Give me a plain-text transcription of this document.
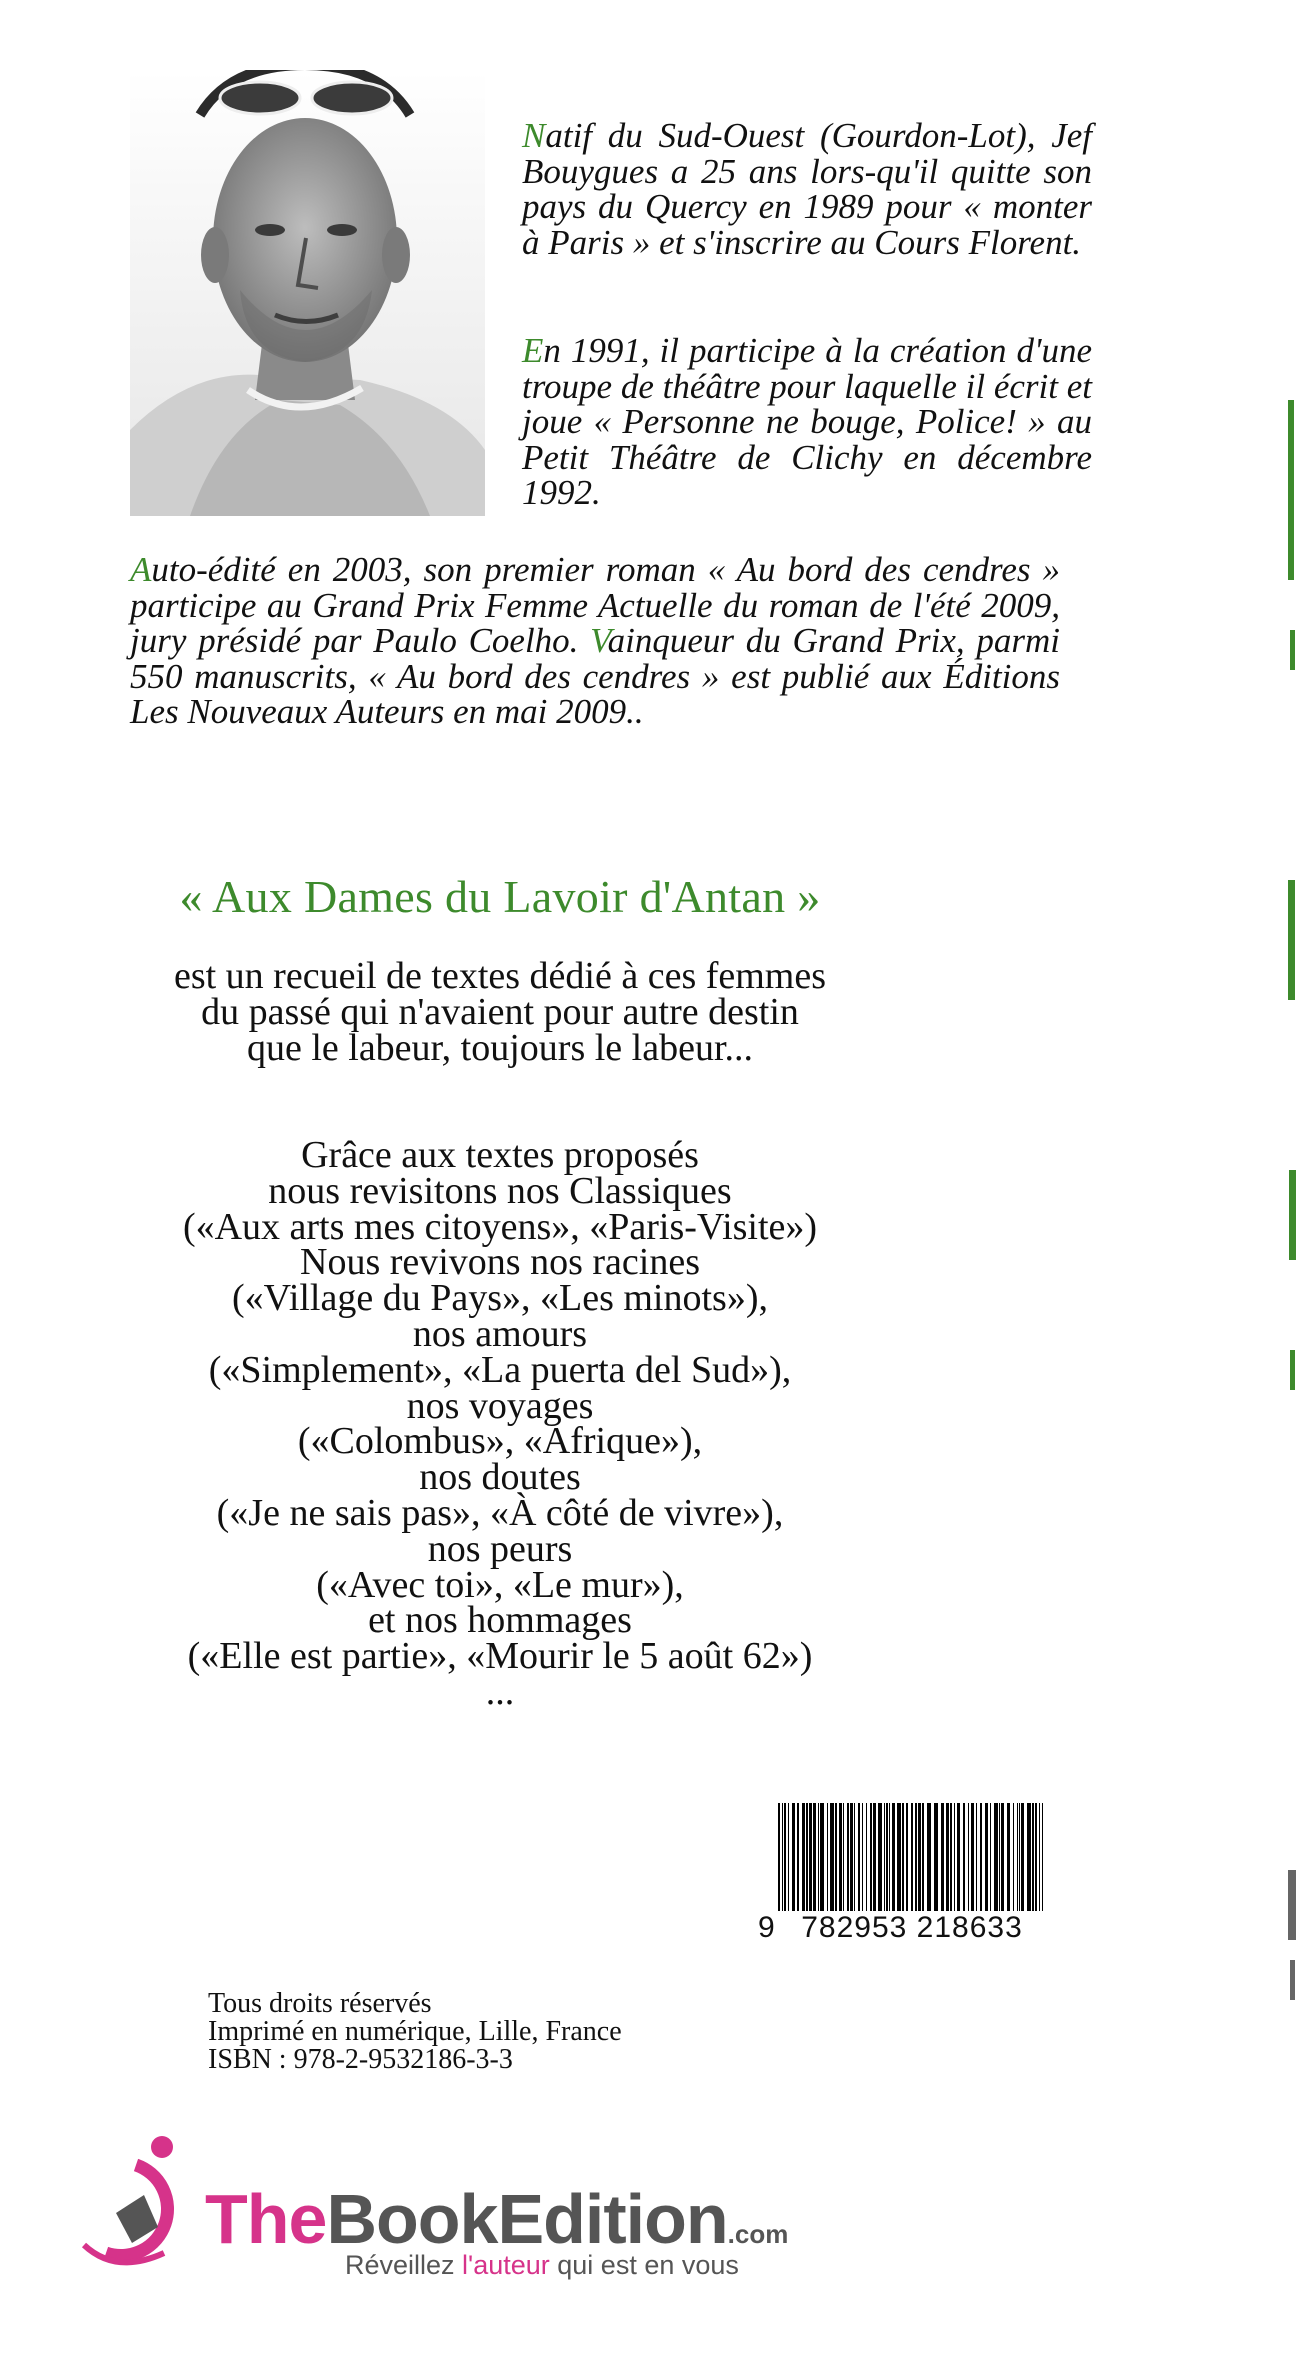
Natif du Sud-Ouest (Gourdon-Lot), Jef Bouygues a 25 ans lors-qu'il quitte son pays du Quercy en 1989 pour « monter à Paris » et s'inscrire au Cours Florent.

En 1991, il participe à la création d'une troupe de théâtre pour laquelle il écrit et joue « Personne ne bouge, Police! » au Petit Théâtre de Clichy en décembre 1992.

Auto-édité en 2003, son premier roman « Au bord des cendres » participe au Grand Prix Femme Actuelle du roman de l'été 2009, jury présidé par Paulo Coelho. Vainqueur du Grand Prix, parmi 550 manuscrits, « Au bord des cendres » est publié aux Éditions Les Nouveaux Auteurs en mai 2009..

« Aux Dames du Lavoir d'Antan »
est un recueil de textes dédié à ces femmes
du passé qui n'avaient pour autre destin
que le labeur, toujours le labeur...
Grâce aux textes proposés
nous revisitons nos Classiques
(«Aux arts mes citoyens», «Paris-Visite»)
Nous revivons nos racines
(«Village du Pays», «Les minots»),
nos amours
(«Simplement», «La puerta del Sud»),
nos voyages
(«Colombus», «Afrique»),
nos doutes
(«Je ne sais pas», «À côté de vivre»),
nos peurs
(«Avec toi», «Le mur»),
et nos hommages
(«Elle est partie», «Mourir le 5 août 62»)
...
9 782953 218633
Tous droits réservés
Imprimé en numérique, Lille, France
ISBN : 978-2-9532186-3-3
TheBookEdition.com
Réveillez l'auteur qui est en vous
